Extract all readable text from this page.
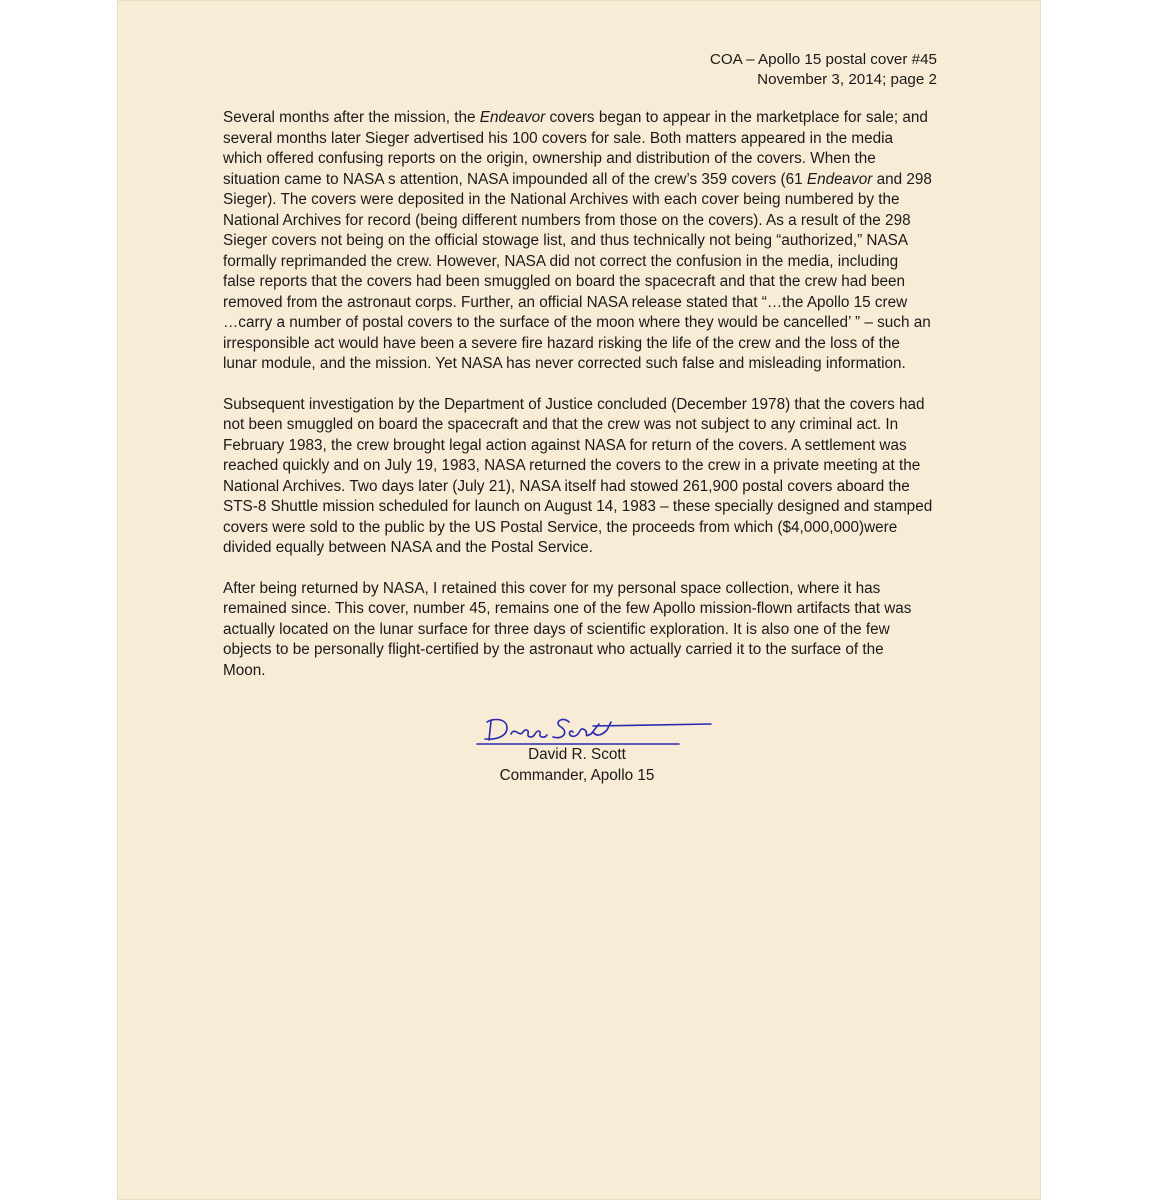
COA – Apollo 15 postal cover #45
November 3, 2014; page 2

Several months after the mission, the Endeavor covers began to appear in the marketplace for sale; and
several months later Sieger advertised his 100 covers for sale. Both matters appeared in the media
which offered confusing reports on the origin, ownership and distribution of the covers. When the
situation came to NASA s attention, NASA impounded all of the crew’s 359 covers (61 Endeavor and 298
Sieger). The covers were deposited in the National Archives with each cover being numbered by the
National Archives for record (being different numbers from those on the covers). As a result of the 298
Sieger covers not being on the official stowage list, and thus technically not being “authorized,” NASA
formally reprimanded the crew. However, NASA did not correct the confusion in the media, including
false reports that the covers had been smuggled on board the spacecraft and that the crew had been
removed from the astronaut corps. Further, an official NASA release stated that “…the Apollo 15 crew
…carry a number of postal covers to the surface of the moon where they would be cancelled’ ” – such an
irresponsible act would have been a severe fire hazard risking the life of the crew and the loss of the
lunar module, and the mission. Yet NASA has never corrected such false and misleading information.

Subsequent investigation by the Department of Justice concluded (December 1978) that the covers had
not been smuggled on board the spacecraft and that the crew was not subject to any criminal act. In
February 1983, the crew brought legal action against NASA for return of the covers. A settlement was
reached quickly and on July 19, 1983, NASA returned the covers to the crew in a private meeting at the
National Archives. Two days later (July 21), NASA itself had stowed 261,900 postal covers aboard the
STS-8 Shuttle mission scheduled for launch on August 14, 1983 – these specially designed and stamped
covers were sold to the public by the US Postal Service, the proceeds from which ($4,000,000)were
divided equally between NASA and the Postal Service.

After being returned by NASA, I retained this cover for my personal space collection, where it has
remained since. This cover, number 45, remains one of the few Apollo mission-flown artifacts that was
actually located on the lunar surface for three days of scientific exploration. It is also one of the few
objects to be personally flight-certified by the astronaut who actually carried it to the surface of the
Moon.

David R. Scott
Commander, Apollo 15
